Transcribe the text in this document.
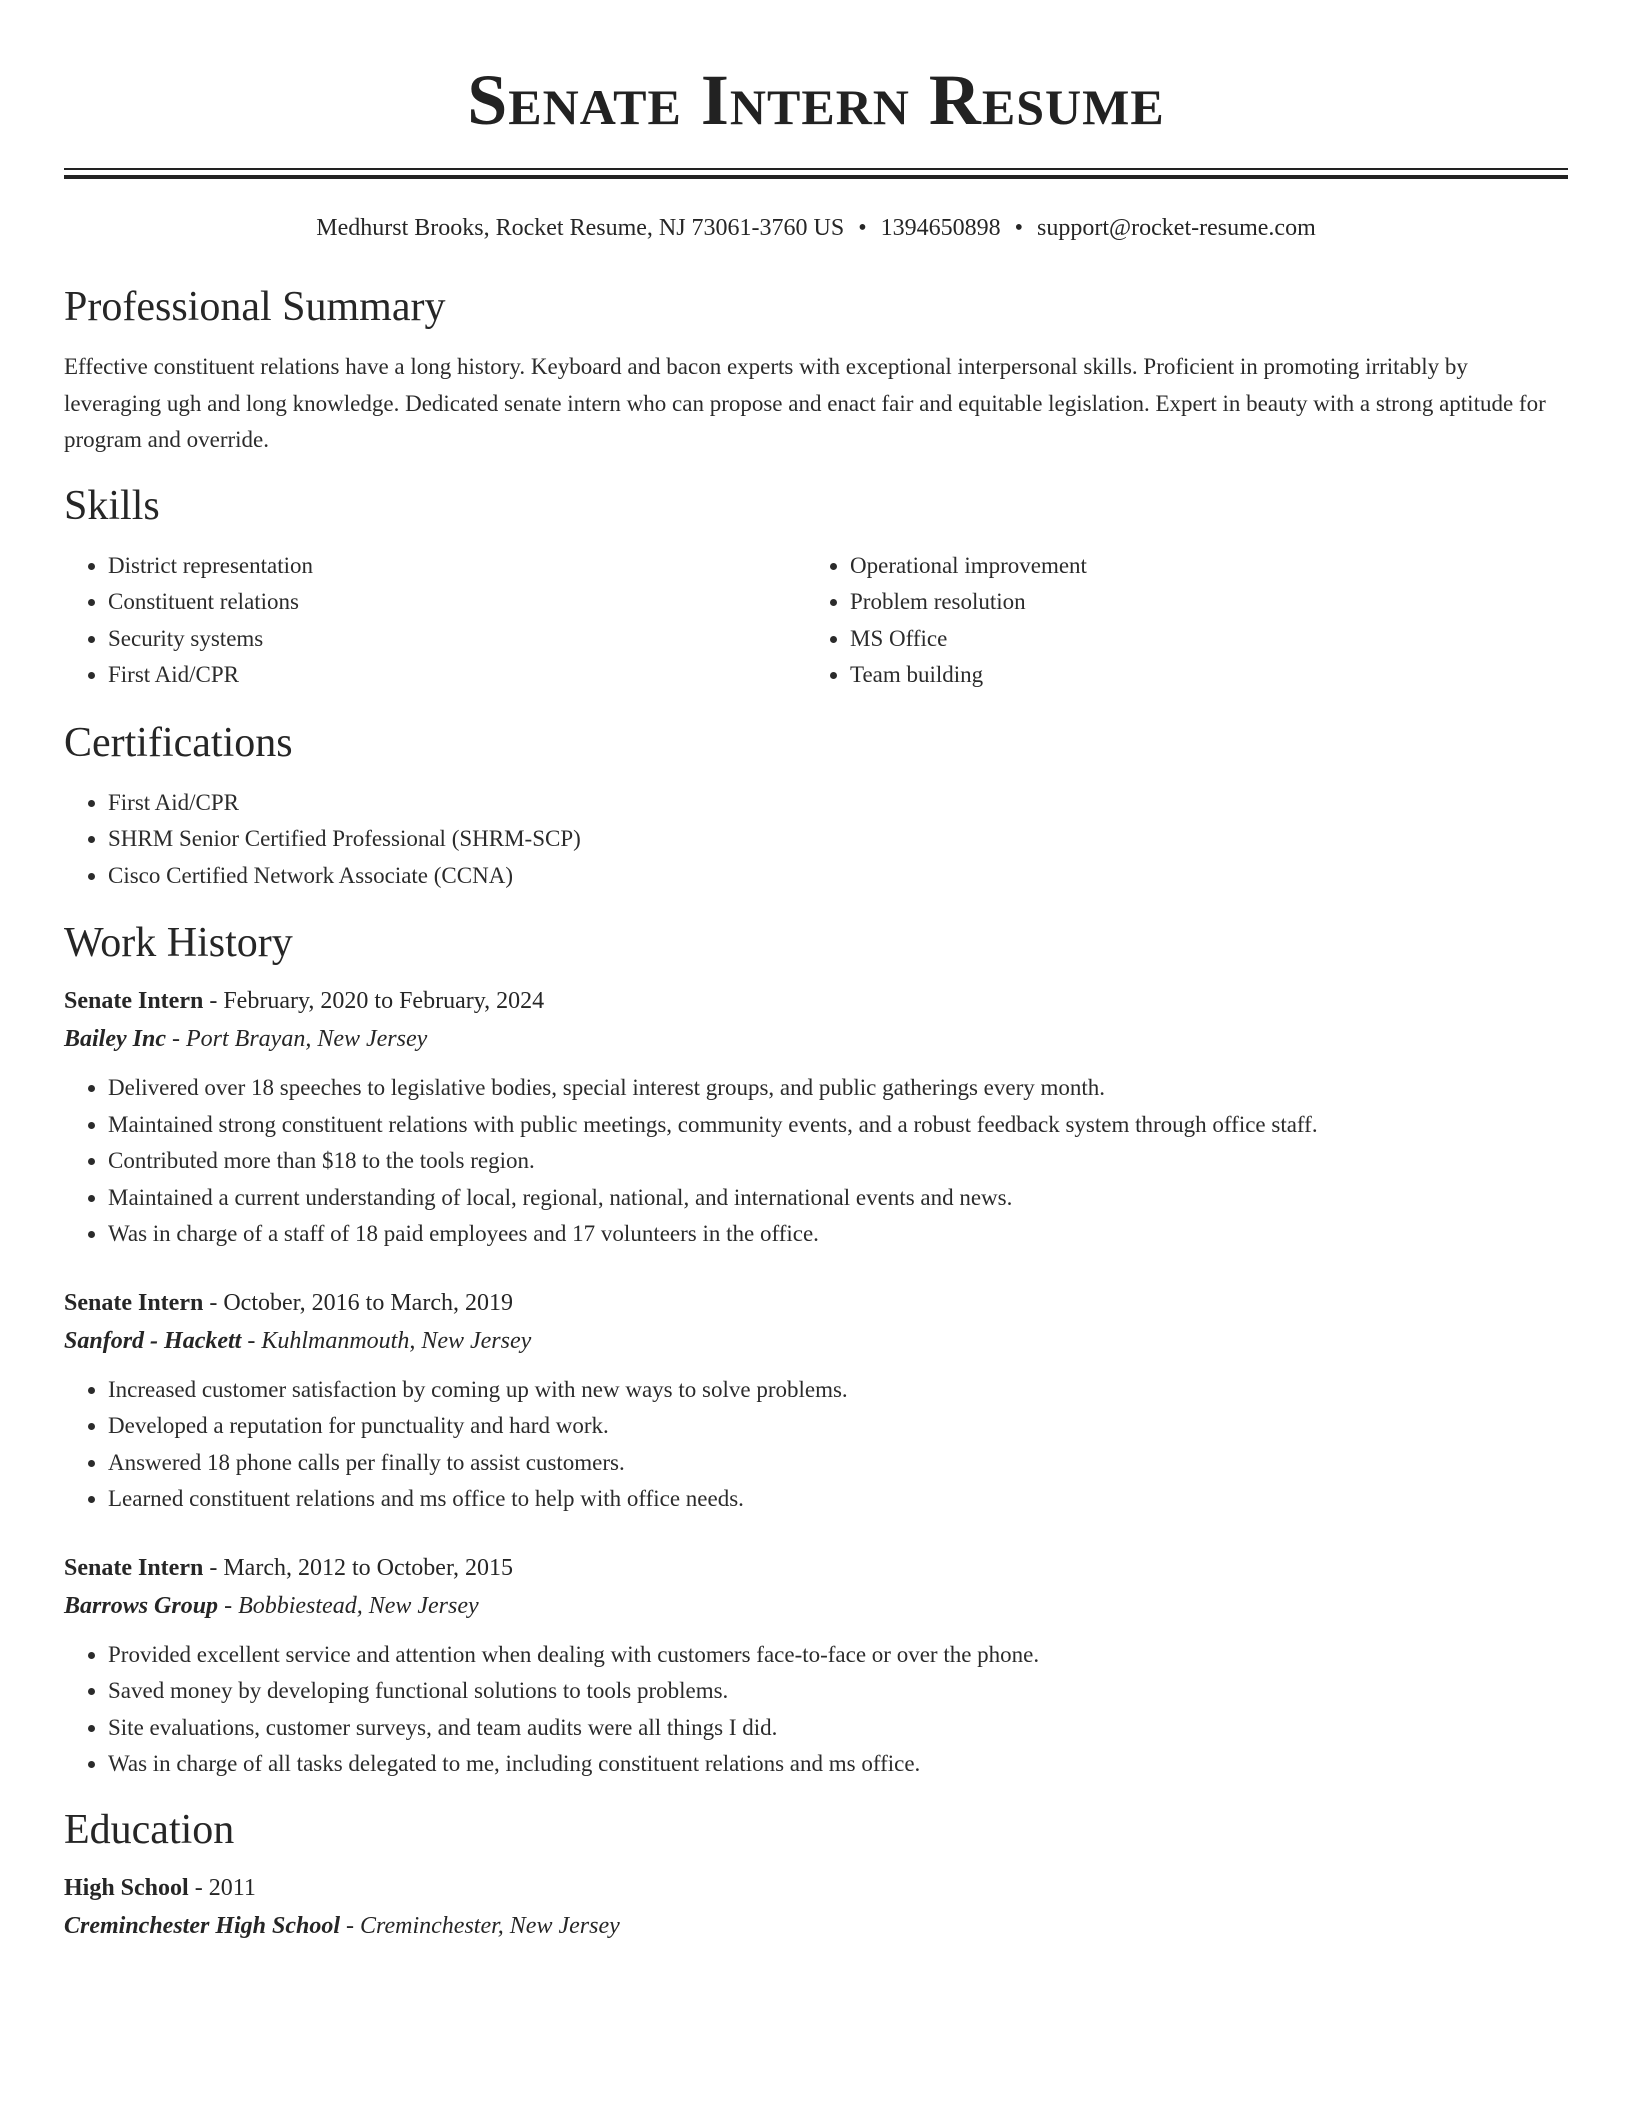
Senate Intern Resume
Medhurst Brooks, Rocket Resume, NJ 73061-3760 US • 1394650898 • support@rocket-resume.com
Professional Summary

Effective constituent relations have a long history. Keyboard and bacon experts with exceptional interpersonal skills. Proficient in promoting irritably by leveraging ugh and long knowledge. Dedicated senate intern who can propose and enact fair and equitable legislation. Expert in beauty with a strong aptitude for program and override.

Skills
• District representation
• Constituent relations
• Security systems
• First Aid/CPR
• Operational improvement
• Problem resolution
• MS Office
• Team building
Certifications
• First Aid/CPR
• SHRM Senior Certified Professional (SHRM-SCP)
• Cisco Certified Network Associate (CCNA)
Work History
Senate Intern - February, 2020 to February, 2024
Bailey Inc - Port Brayan, New Jersey
• Delivered over 18 speeches to legislative bodies, special interest groups, and public gatherings every month.
• Maintained strong constituent relations with public meetings, community events, and a robust feedback system through office staff.
• Contributed more than $18 to the tools region.
• Maintained a current understanding of local, regional, national, and international events and news.
• Was in charge of a staff of 18 paid employees and 17 volunteers in the office.
Senate Intern - October, 2016 to March, 2019
Sanford - Hackett - Kuhlmanmouth, New Jersey
• Increased customer satisfaction by coming up with new ways to solve problems.
• Developed a reputation for punctuality and hard work.
• Answered 18 phone calls per finally to assist customers.
• Learned constituent relations and ms office to help with office needs.
Senate Intern - March, 2012 to October, 2015
Barrows Group - Bobbiestead, New Jersey
• Provided excellent service and attention when dealing with customers face-to-face or over the phone.
• Saved money by developing functional solutions to tools problems.
• Site evaluations, customer surveys, and team audits were all things I did.
• Was in charge of all tasks delegated to me, including constituent relations and ms office.
Education
High School - 2011
Creminchester High School - Creminchester, New Jersey
